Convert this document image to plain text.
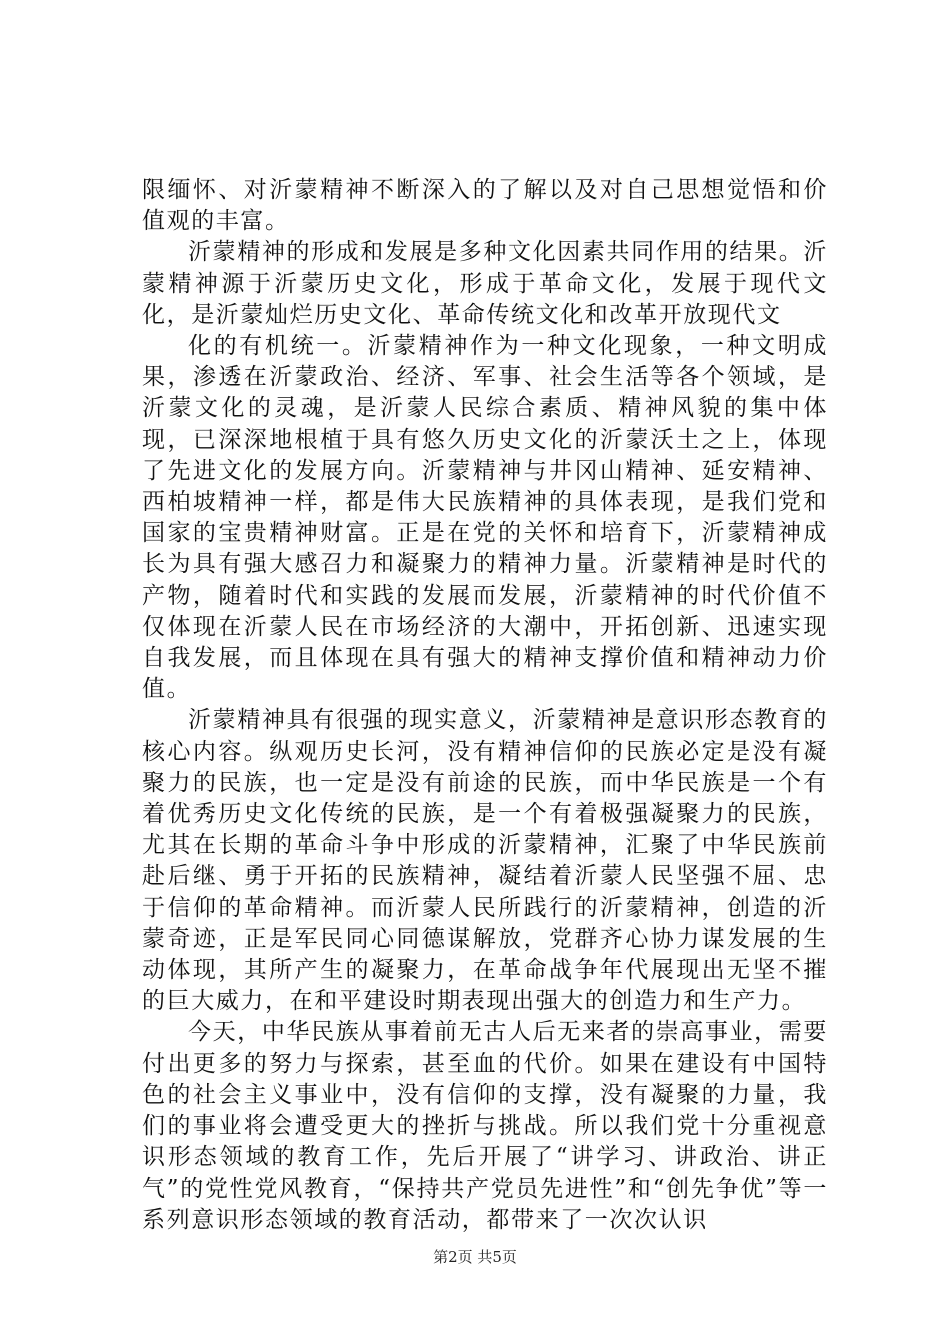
限缅怀、对沂蒙精神不断深入的了解以及对自己思想觉悟和价值观的丰富。

沂蒙精神的形成和发展是多种文化因素共同作用的结果。沂蒙精神源于沂蒙历史文化，形成于革命文化，发展于现代文化，是沂蒙灿烂历史文化、革命传统文化和改革开放现代文

化的有机统一。沂蒙精神作为一种文化现象，一种文明成果，渗透在沂蒙政治、经济、军事、社会生活等各个领域，是沂蒙文化的灵魂，是沂蒙人民综合素质、精神风貌的集中体现，已深深地根植于具有悠久历史文化的沂蒙沃土之上，体现了先进文化的发展方向。沂蒙精神与井冈山精神、延安精神、西柏坡精神一样，都是伟大民族精神的具体表现，是我们党和国家的宝贵精神财富。正是在党的关怀和培育下，沂蒙精神成长为具有强大感召力和凝聚力的精神力量。沂蒙精神是时代的产物，随着时代和实践的发展而发展，沂蒙精神的时代价值不仅体现在沂蒙人民在市场经济的大潮中，开拓创新、迅速实现自我发展，而且体现在具有强大的精神支撑价值和精神动力价值。

沂蒙精神具有很强的现实意义，沂蒙精神是意识形态教育的核心内容。纵观历史长河，没有精神信仰的民族必定是没有凝聚力的民族，也一定是没有前途的民族，而中华民族是一个有着优秀历史文化传统的民族，是一个有着极强凝聚力的民族，尤其在长期的革命斗争中形成的沂蒙精神，汇聚了中华民族前赴后继、勇于开拓的民族精神，凝结着沂蒙人民坚强不屈、忠于信仰的革命精神。而沂蒙人民所践行的沂蒙精神，创造的沂蒙奇迹，正是军民同心同德谋解放，党群齐心协力谋发展的生动体现，其所产生的凝聚力，在革命战争年代展现出无坚不摧的巨大威力，在和平建设时期表现出强大的创造力和生产力。

今天，中华民族从事着前无古人后无来者的崇高事业，需要付出更多的努力与探索，甚至血的代价。如果在建设有中国特色的社会主义事业中，没有信仰的支撑，没有凝聚的力量，我们的事业将会遭受更大的挫折与挑战。所以我们党十分重视意识形态领域的教育工作，先后开展了“讲学习、讲政治、讲正气”的党性党风教育，“保持共产党员先进性”和“创先争优”等一系列意识形态领域的教育活动，都带来了一次次认识

第2页 共5页
